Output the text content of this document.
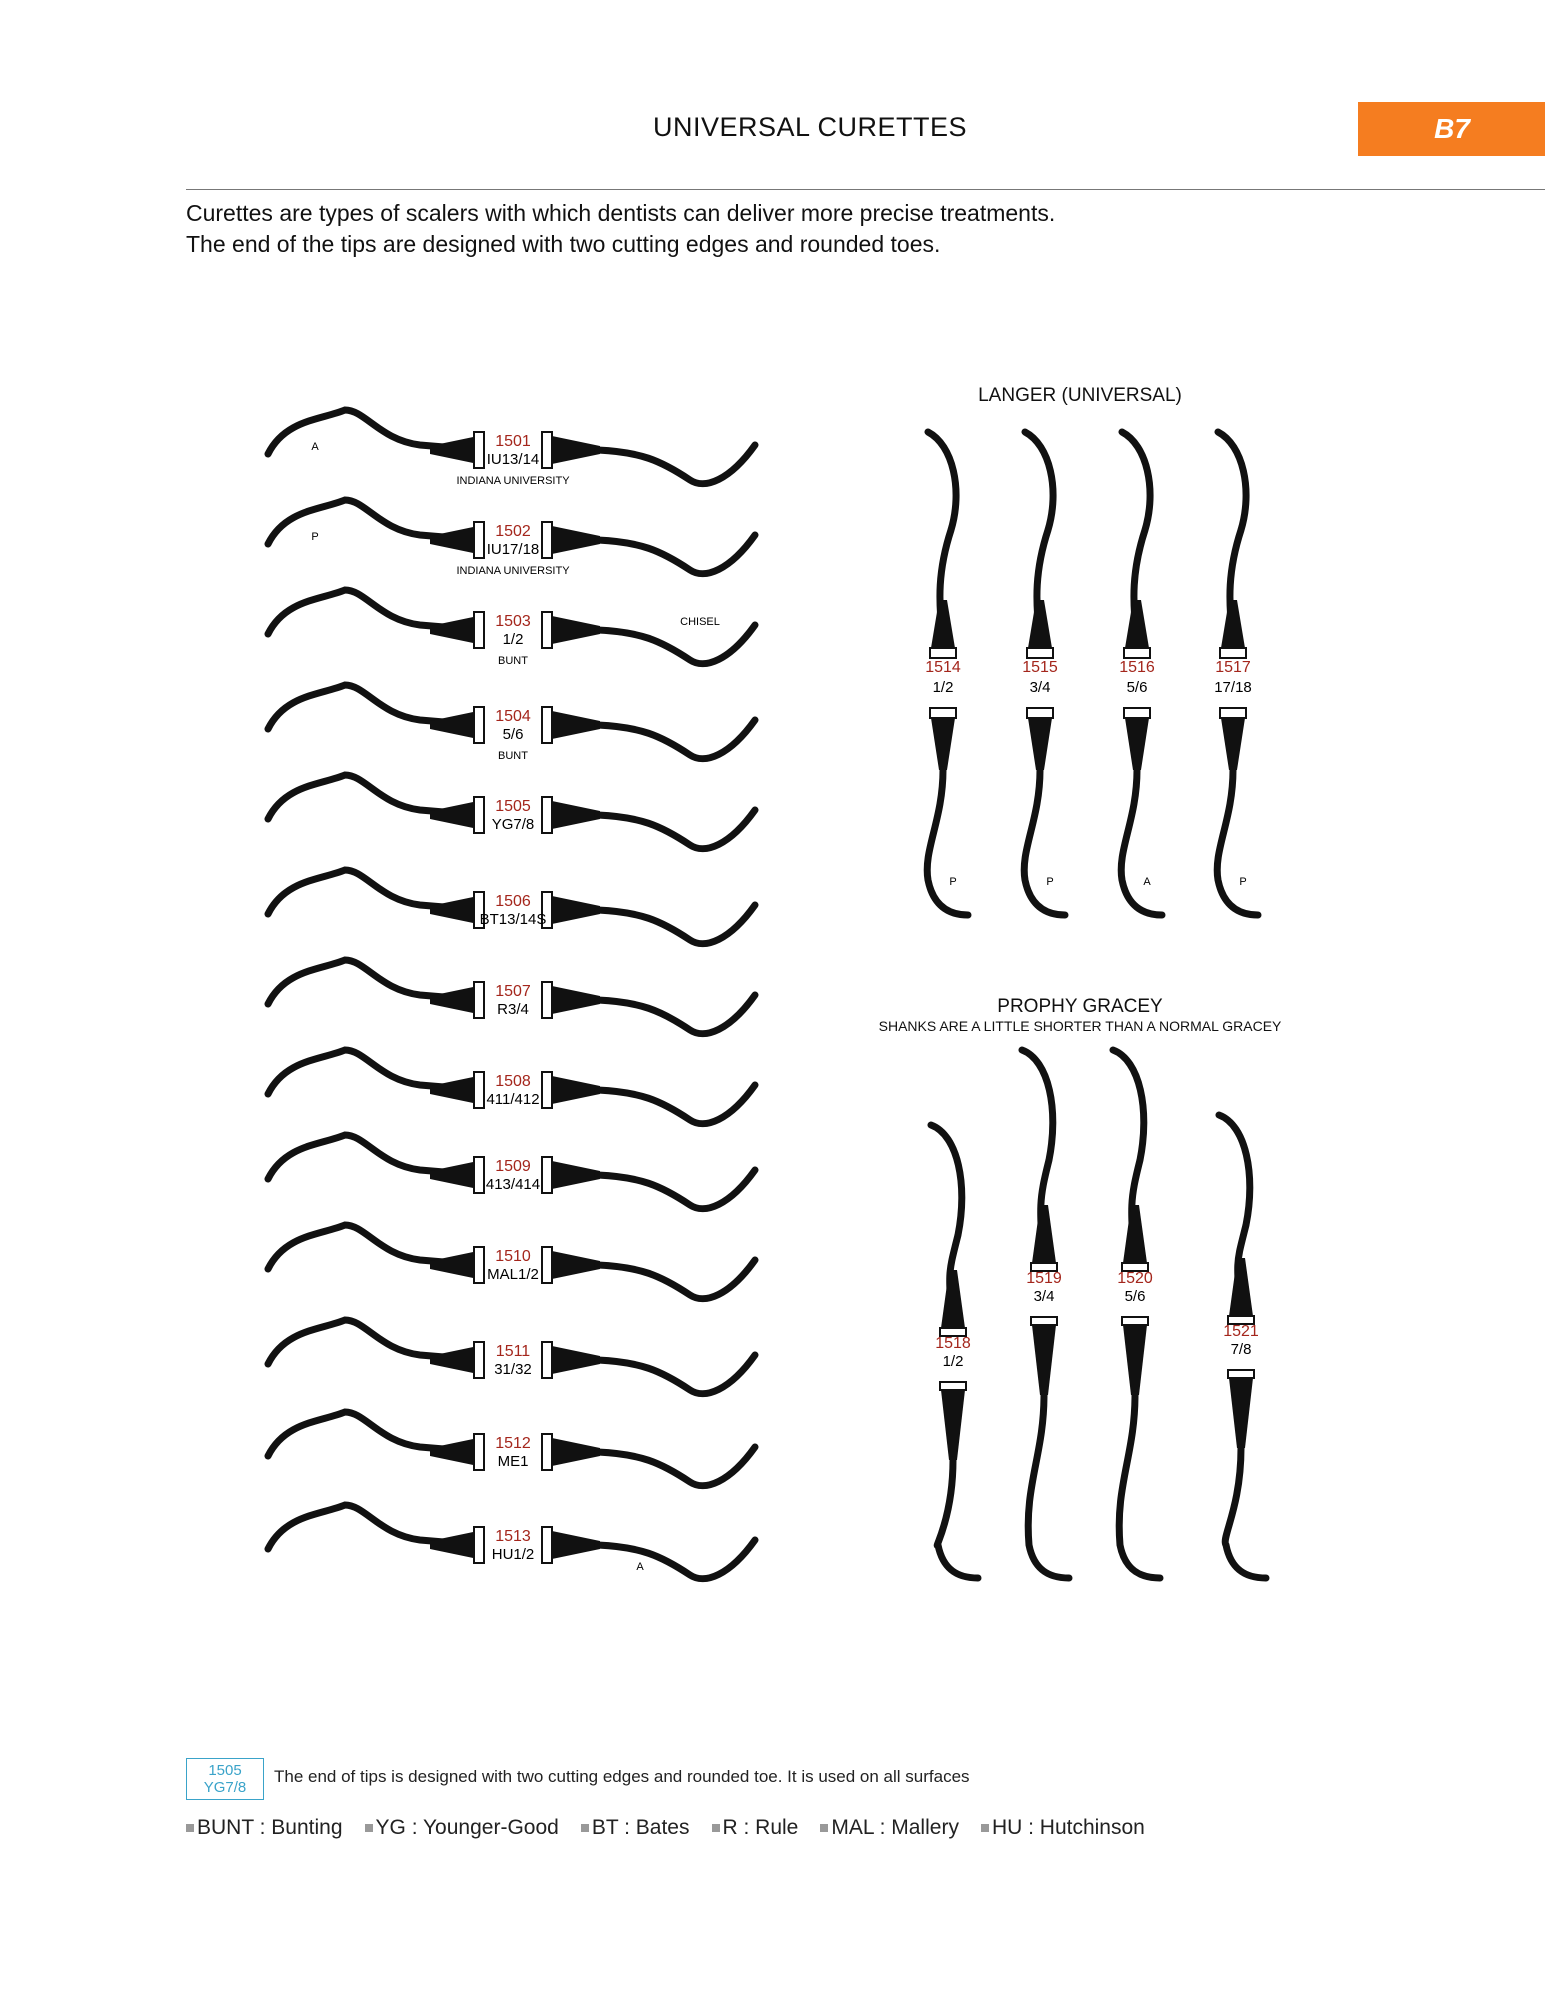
UNIVERSAL CURETTES	B7
Curettes are types of scalers with which dentists can deliver more precise treatments.
The end of the tips are designed with two cutting edges and rounded toes.
1501
IU13/14
INDIANA UNIVERSITY
A
1502
IU17/18
INDIANA UNIVERSITY
P
1503
1/2
BUNT
CHISEL
1504
5/6
BUNT
1505
YG7/8
1506
BT13/14S
1507
R3/4
1508
411/412
1509
413/414
1510
MAL1/2
1511
31/32
1512
ME1
1513
HU1/2
A
1514
1/2
P
1515
3/4
P
1516
5/6
A
1517
17/18
P
1518
1/2
1519
3/4
1520
5/6
1521
7/8
LANGER (UNIVERSAL)
PROPHY GRACEY
SHANKS ARE A LITTLE SHORTER THAN A NORMAL GRACEY
1505
YG7/8
The end of tips is designed with two cutting edges and rounded toe. It is used on all surfaces
BUNT : Bunting	YG : Younger-Good	BT : Bates	R : Rule	MAL : Mallery	HU : Hutchinson
